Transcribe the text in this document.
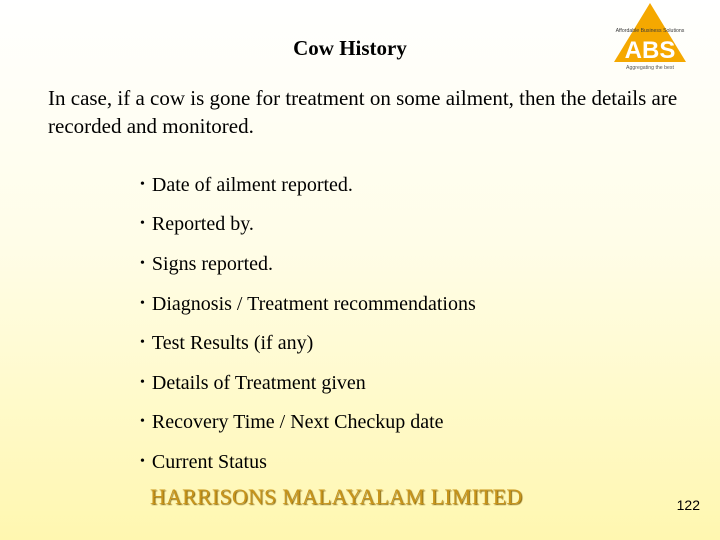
Affordable Business Solutions
ABS
Aggregating the best
Cow History
In case, if a cow is gone for treatment on some ailment, then the details are recorded and monitored.
• Date of ailment reported.
• Reported by.
• Signs reported.
• Diagnosis / Treatment recommendations
• Test Results (if any)
• Details of Treatment given
• Recovery Time / Next Checkup date
• Current Status
HARRISONS MALAYALAM LIMITED	122
